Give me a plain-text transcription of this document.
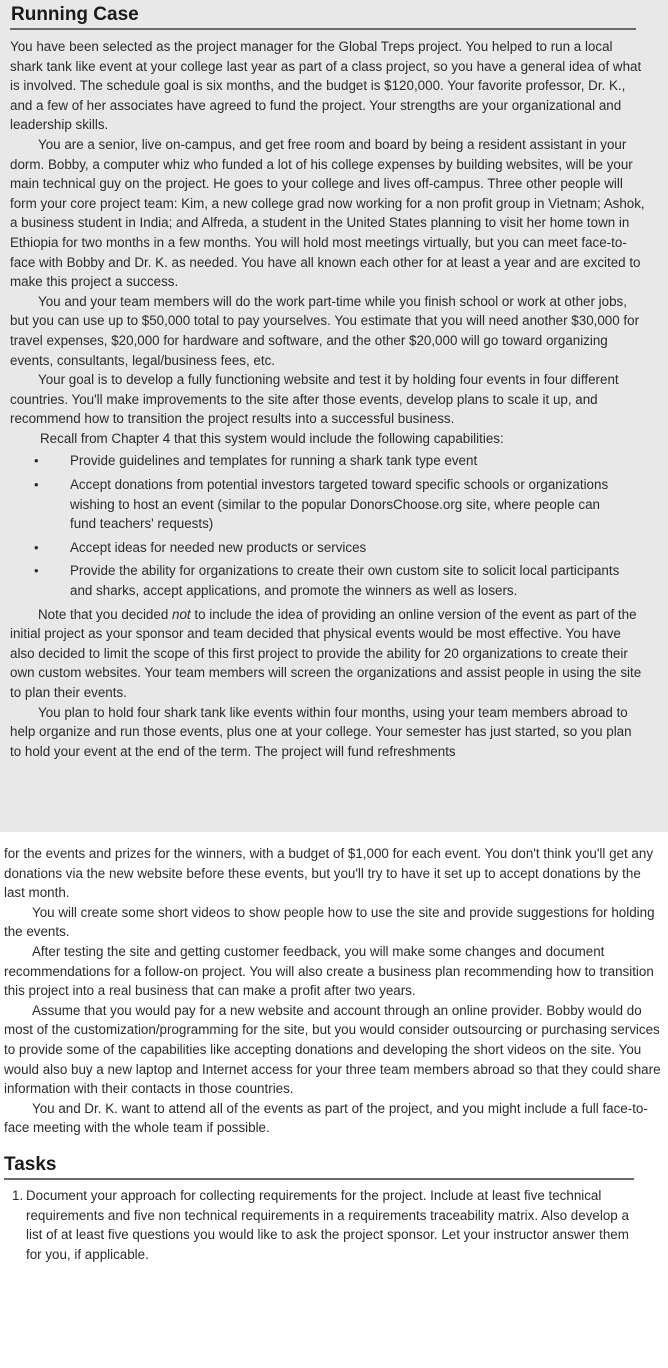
Running Case

You have been selected as the project manager for the Global Treps project. You helped to run a local shark tank like event at your college last year as part of a class project, so you have a general idea of what is involved. The schedule goal is six months, and the budget is $120,000. Your favorite professor, Dr. K., and a few of her associates have agreed to fund the project. Your strengths are your organizational and leadership skills.

You are a senior, live on-campus, and get free room and board by being a resident assistant in your dorm. Bobby, a computer whiz who funded a lot of his college expenses by building websites, will be your main technical guy on the project. He goes to your college and lives off-campus. Three other people will form your core project team: Kim, a new college grad now working for a non profit group in Vietnam; Ashok, a business student in India; and Alfreda, a student in the United States planning to visit her home town in Ethiopia for two months in a few months. You will hold most meetings virtually, but you can meet face-to-face with Bobby and Dr. K. as needed. You have all known each other for at least a year and are excited to make this project a success.

You and your team members will do the work part-time while you finish school or work at other jobs, but you can use up to $50,000 total to pay yourselves. You estimate that you will need another $30,000 for travel expenses, $20,000 for hardware and software, and the other $20,000 will go toward organizing events, consultants, legal/business fees, etc.

Your goal is to develop a fully functioning website and test it by holding four events in four different countries. You'll make improvements to the site after those events, develop plans to scale it up, and recommend how to transition the project results into a successful business.

Recall from Chapter 4 that this system would include the following capabilities:

• Provide guidelines and templates for running a shark tank type event
• Accept donations from potential investors targeted toward specific schools or organizations wishing to host an event (similar to the popular DonorsChoose.org site, where people can fund teachers' requests)
• Accept ideas for needed new products or services
• Provide the ability for organizations to create their own custom site to solicit local participants and sharks, accept applications, and promote the winners as well as losers.

Note that you decided not to include the idea of providing an online version of the event as part of the initial project as your sponsor and team decided that physical events would be most effective. You have also decided to limit the scope of this first project to provide the ability for 20 organizations to create their own custom websites. Your team members will screen the organizations and assist people in using the site to plan their events.

You plan to hold four shark tank like events within four months, using your team members abroad to help organize and run those events, plus one at your college. Your semester has just started, so you plan to hold your event at the end of the term. The project will fund refreshments

for the events and prizes for the winners, with a budget of $1,000 for each event. You don't think you'll get any donations via the new website before these events, but you'll try to have it set up to accept donations by the last month.

You will create some short videos to show people how to use the site and provide suggestions for holding the events.

After testing the site and getting customer feedback, you will make some changes and document recommendations for a follow-on project. You will also create a business plan recommending how to transition this project into a real business that can make a profit after two years.

Assume that you would pay for a new website and account through an online provider. Bobby would do most of the customization/programming for the site, but you would consider outsourcing or purchasing services to provide some of the capabilities like accepting donations and developing the short videos on the site. You would also buy a new laptop and Internet access for your three team members abroad so that they could share information with their contacts in those countries.

You and Dr. K. want to attend all of the events as part of the project, and you might include a full face-to-face meeting with the whole team if possible.

Tasks
1. Document your approach for collecting requirements for the project. Include at least five technical requirements and five non technical requirements in a requirements traceability matrix. Also develop a list of at least five questions you would like to ask the project sponsor. Let your instructor answer them for you, if applicable.
